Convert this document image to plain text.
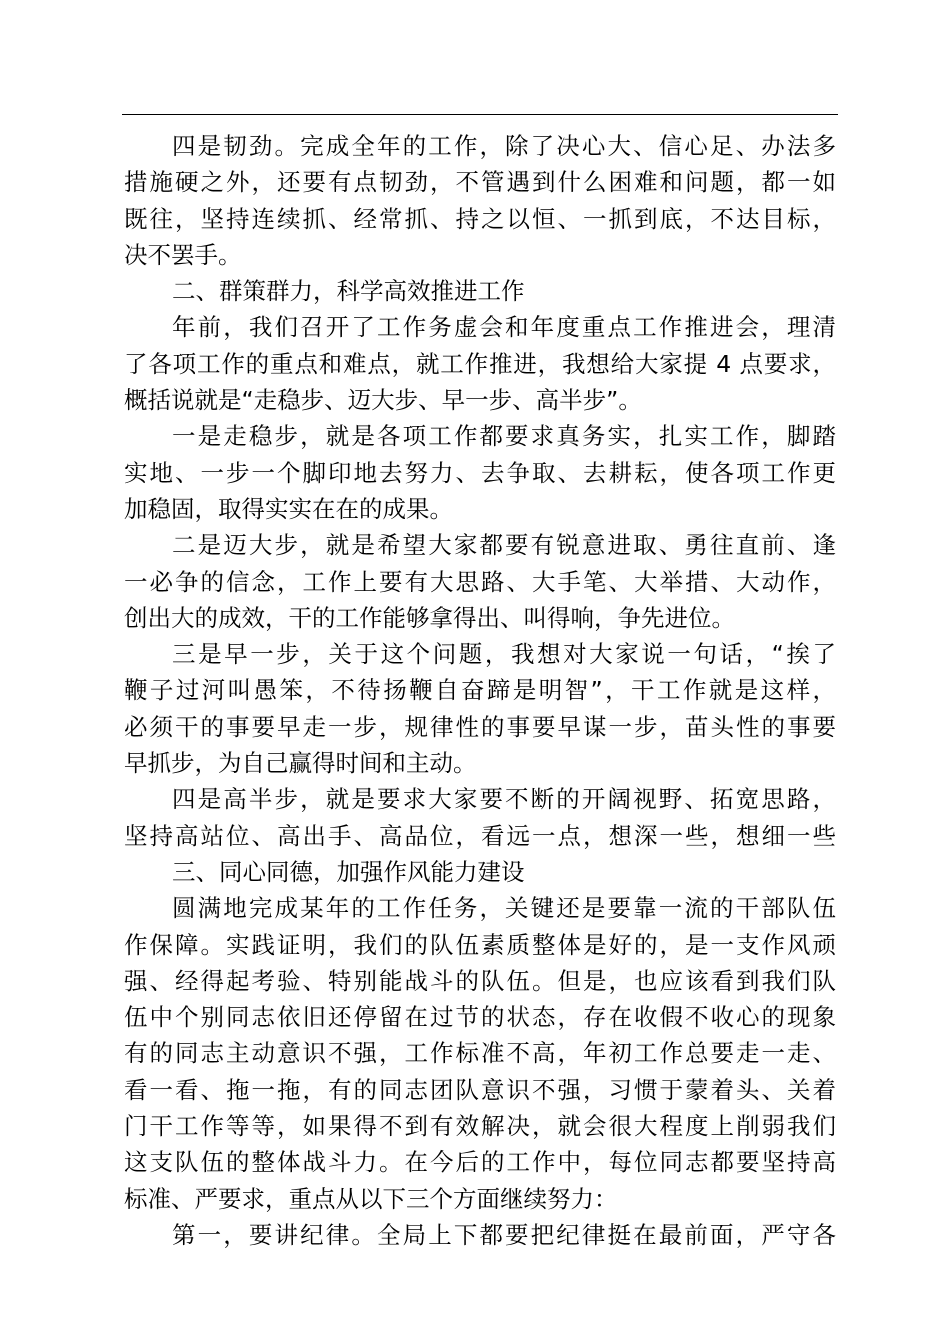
四是韧劲。完成全年的工作，除了决心大、信心足、办法多
措施硬之外，还要有点韧劲，不管遇到什么困难和问题，都一如
既往，坚持连续抓、经常抓、持之以恒、一抓到底，不达目标，
决不罢手。
二、群策群力，科学高效推进工作
年前，我们召开了工作务虚会和年度重点工作推进会，理清
了各项工作的重点和难点，就工作推进，我想给大家提 4 点要求，
概括说就是“走稳步、迈大步、早一步、高半步”。
一是走稳步，就是各项工作都要求真务实，扎实工作，脚踏
实地、一步一个脚印地去努力、去争取、去耕耘，使各项工作更
加稳固，取得实实在在的成果。
二是迈大步，就是希望大家都要有锐意进取、勇往直前、逢
一必争的信念，工作上要有大思路、大手笔、大举措、大动作，
创出大的成效，干的工作能够拿得出、叫得响，争先进位。
三是早一步，关于这个问题，我想对大家说一句话，“挨了
鞭子过河叫愚笨，不待扬鞭自奋蹄是明智”，干工作就是这样，
必须干的事要早走一步，规律性的事要早谋一步，苗头性的事要
早抓步，为自己赢得时间和主动。
四是高半步，就是要求大家要不断的开阔视野、拓宽思路，
坚持高站位、高出手、高品位，看远一点，想深一些，想细一些
三、同心同德，加强作风能力建设
圆满地完成某年的工作任务，关键还是要靠一流的干部队伍
作保障。实践证明，我们的队伍素质整体是好的，是一支作风顽
强、经得起考验、特别能战斗的队伍。但是，也应该看到我们队
伍中个别同志依旧还停留在过节的状态，存在收假不收心的现象
有的同志主动意识不强，工作标准不高，年初工作总要走一走、
看一看、拖一拖，有的同志团队意识不强，习惯于蒙着头、关着
门干工作等等，如果得不到有效解决，就会很大程度上削弱我们
这支队伍的整体战斗力。在今后的工作中，每位同志都要坚持高
标准、严要求，重点从以下三个方面继续努力：
第一，要讲纪律。全局上下都要把纪律挺在最前面，严守各
